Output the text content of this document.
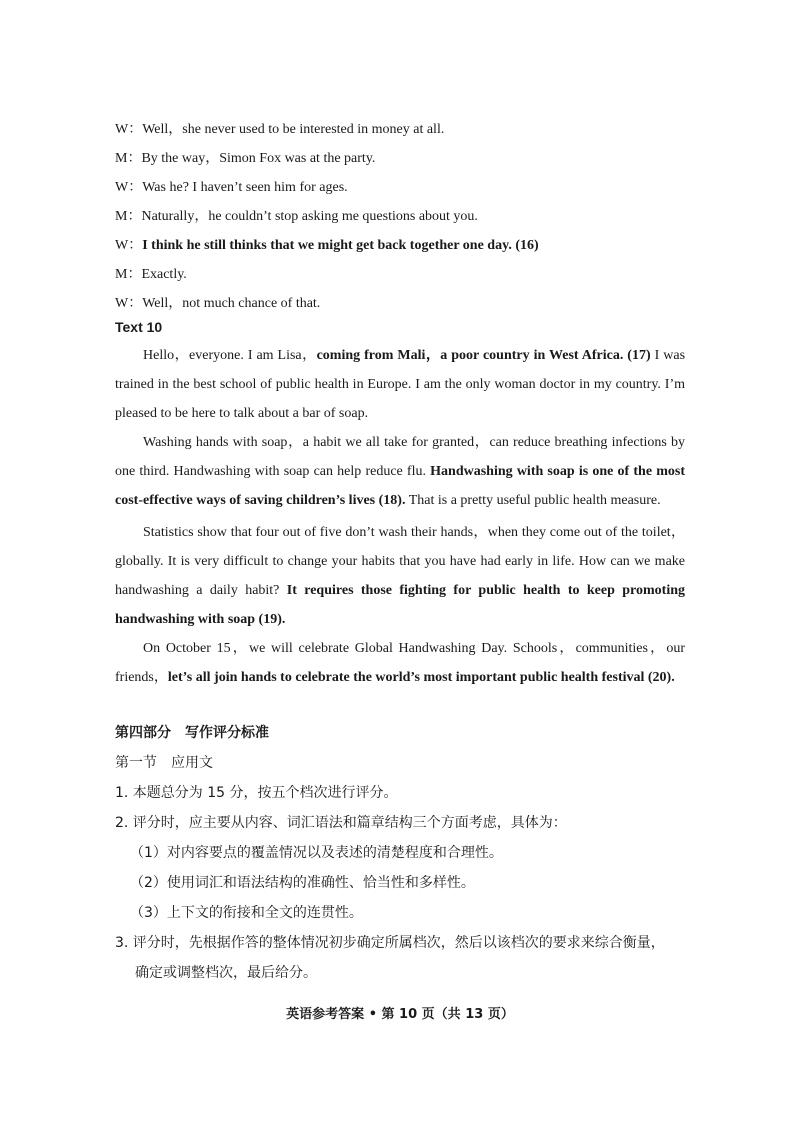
W：Well，she never used to be interested in money at all.
M：By the way，Simon Fox was at the party.
W：Was he? I haven’t seen him for ages.
M：Naturally，he couldn’t stop asking me questions about you.
W：I think he still thinks that we might get back together one day. (16)
M：Exactly.
W：Well，not much chance of that.
Text 10
Hello，everyone. I am Lisa，coming from Mali，a poor country in West Africa. (17) I was
trained in the best school of public health in Europe. I am the only woman doctor in my country. I’m
pleased to be here to talk about a bar of soap.
Washing hands with soap，a habit we all take for granted，can reduce breathing infections by
one third. Handwashing with soap can help reduce flu. Handwashing with soap is one of the most
cost-effective ways of saving children’s lives (18). That is a pretty useful public health measure.
Statistics show that four out of five don’t wash their hands，when they come out of the toilet，
globally. It is very difficult to change your habits that you have had early in life. How can we make
handwashing a daily habit? It requires those fighting for public health to keep promoting
handwashing with soap (19).
On October 15，we will celebrate Global Handwashing Day. Schools，communities，our
friends，let’s all join hands to celebrate the world’s most important public health festival (20).
第四部分　写作评分标准
第一节　应用文
1. 本题总分为 15 分，按五个档次进行评分。
2. 评分时，应主要从内容、词汇语法和篇章结构三个方面考虑，具体为：
（1）对内容要点的覆盖情况以及表述的清楚程度和合理性。
（2）使用词汇和语法结构的准确性、恰当性和多样性。
（3）上下文的衔接和全文的连贯性。
3. 评分时，先根据作答的整体情况初步确定所属档次，然后以该档次的要求来综合衡量，
确定或调整档次，最后给分。
英语参考答案 • 第 10 页（共 13 页）
